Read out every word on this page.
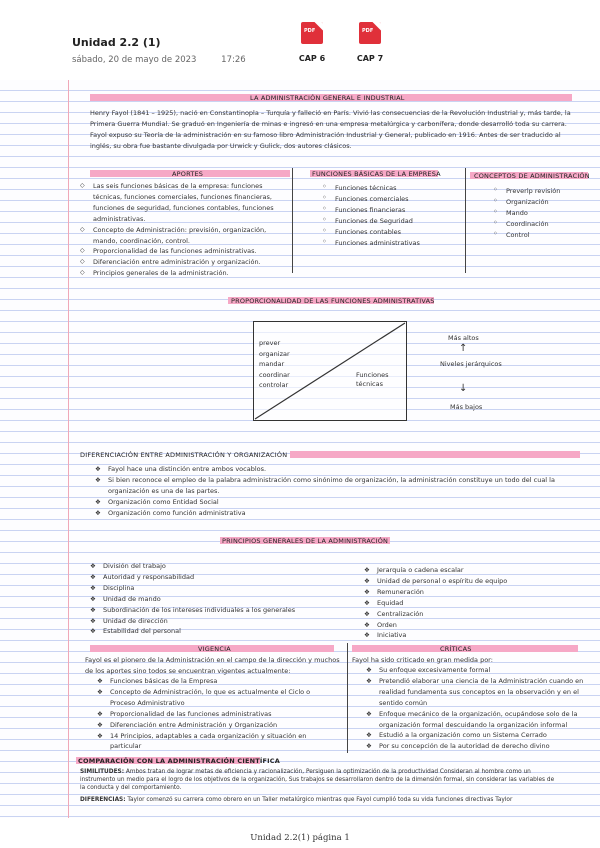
Unidad 2.2 (1)
sábado, 20 de mayo de 2023	17:26
PDF
CAP 6
PDF
CAP 7
LA ADMINISTRACIÓN GENERAL E INDUSTRIAL
Henry Fayol (1841 – 1925), nació en Constantinopla – Turquía y falleció en París. Vivió las consecuencias de la Revolución Industrial y, más tarde, la Primera Guerra Mundial. Se graduó en Ingeniería de minas e ingresó en una empresa metalúrgica y carbonífera, donde desarrolló toda su carrera. Fayol expuso su Teoría de la administración en su famoso libro Administración Industrial y General, publicado en 1916. Antes de ser traducido al inglés, su obra fue bastante divulgada por Urwick y Gulick, dos autores clásicos.
APORTES
◇ Las seis funciones básicas de la empresa: funciones técnicas, funciones comerciales, funciones financieras, funciones de seguridad, funciones contables, funciones administrativas.
◇ Concepto de Administración: previsión, organización, mando, coordinación, control.
◇ Proporcionalidad de las funciones administrativas.
◇ Diferenciación entre administración y organización.
◇ Principios generales de la administración.
FUNCIONES BÁSICAS DE LA EMPRESA
◦ Funciones técnicas
◦ Funciones comerciales
◦ Funciones financieras
◦ Funciones de Seguridad
◦ Funciones contables
◦ Funciones administrativas
CONCEPTOS DE ADMINISTRACIÓN
◦ Preverlp revisión
◦ Organización
◦ Mando
◦ Coordinación
◦ Control
PROPORCIONALIDAD DE LAS FUNCIONES ADMINISTRATIVAS
prever
organizar
mandar
coordinar
controlar
Funciones técnicas
Más altos
↑
Niveles jerárquicos
↓
Más bajos
DIFERENCIACIÓN ENTRE ADMINISTRACIÓN Y ORGANIZACIÓN
❖ Fayol hace una distinción entre ambos vocablos.
❖ Si bien reconoce el empleo de la palabra administración como sinónimo de organización, la administración constituye un todo del cual la organización es una de las partes.
❖ Organización como Entidad Social
❖ Organización como función administrativa
PRINCIPIOS GENERALES DE LA ADMINISTRACIÓN
❖ División del trabajo
❖ Autoridad y responsabilidad
❖ Disciplina
❖ Unidad de mando
❖ Subordinación de los intereses individuales a los generales
❖ Unidad de dirección
❖ Estabilidad del personal
❖ Jerarquía o cadena escalar
❖ Unidad de personal o espíritu de equipo
❖ Remuneración
❖ Equidad
❖ Centralización
❖ Orden
❖ Iniciativa
VIGENCIA
Fayol es el pionero de la Administración en el campo de la dirección y muchos de los aportes sino todos se encuentran vigentes actualmente:
❖ Funciones básicas de la Empresa
❖ Concepto de Administración, lo que es actualmente el Ciclo o Proceso Administrativo
❖ Proporcionalidad de las funciones administrativas
❖ Diferenciación entre Administración y Organización
❖ 14 Principios, adaptables a cada organización y situación en particular
CRÍTICAS
Fayol ha sido criticado en gran medida por:
❖ Su enfoque excesivamente formal
❖ Pretendió elaborar una ciencia de la Administración cuando en realidad fundamenta sus conceptos en la observación y en el sentido común
❖ Enfoque mecánico de la organización, ocupándose solo de la organización formal descuidando la organización informal
❖ Estudió a la organización como un Sistema Cerrado
❖ Por su concepción de la autoridad de derecho divino
COMPARACIÓN CON LA ADMINISTRACIÓN CIENTÍFICA
SIMILITUDES: Ambos tratan de lograr metas de eficiencia y racionalización, Persiguen la optimización de la productividad Consideran al hombre como un instrumento un medio para el logro de los objetivos de la organización, Sus trabajos se desarrollaron dentro de la dimensión formal, sin considerar las variables de la conducta y del comportamiento.
DIFERENCIAS: Taylor comenzó su carrera como obrero en un Taller metalúrgico mientras que Fayol cumplió toda su vida funciones directivas Taylor
Unidad 2.2(1) página 1
